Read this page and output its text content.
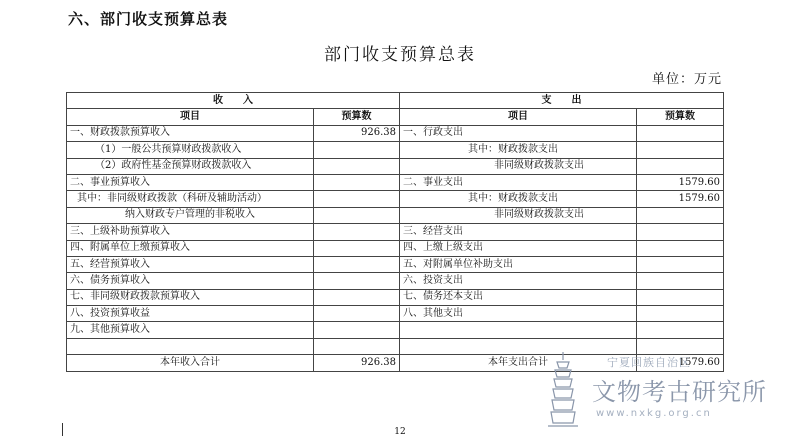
六、部门收支预算总表
部门收支预算总表
单位：万元
收　　入		支　　出	
项目	预算数	项目	预算数
一、财政拨款预算收入	926.38	一、行政支出	
（1）一般公共预算财政拨款收入		其中：财政拨款支出	
（2）政府性基金预算财政拨款收入		非同级财政拨款支出	
二、事业预算收入		二、事业支出	1579.60
其中：非同级财政拨款（科研及辅助活动）		其中：财政拨款支出	1579.60
纳入财政专户管理的非税收入		非同级财政拨款支出	
三、上级补助预算收入		三、经营支出	
四、附属单位上缴预算收入		四、上缴上级支出	
五、经营预算收入		五、对附属单位补助支出	
六、债务预算收入		六、投资支出	
七、非同级财政拨款预算收入		七、债务还本支出	
八、投资预算收益		八、其他支出	
九、其他预算收入			

本年收入合计	926.38	本年支出合计	1579.60
宁夏回族自治区
文物考古研究所
www.nxkg.org.cn
12
